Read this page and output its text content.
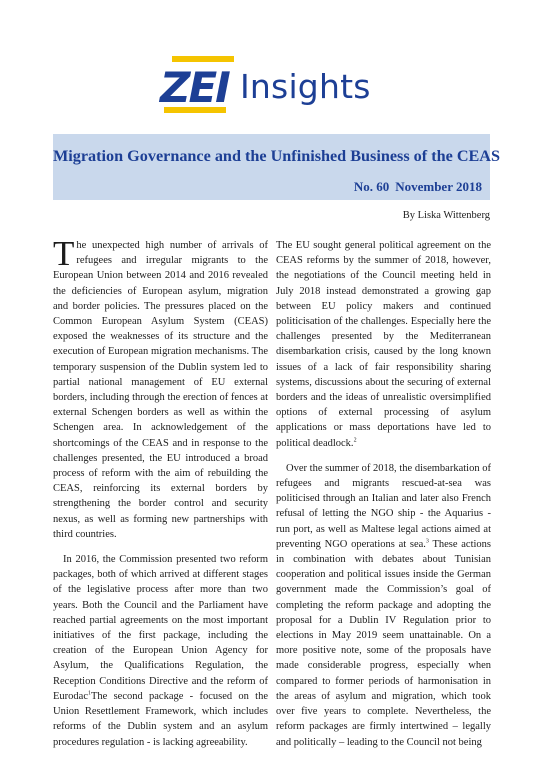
ZEI Insights
Migration Governance and the Unfinished Business of the CEAS
No. 60 November 2018
By Liska Wittenberg

The unexpected high number of arrivals of refugees and irregular migrants to the European Union between 2014 and 2016 revealed the deficiencies of European asylum, migration and border policies. The pressures placed on the Common European Asylum System (CEAS) exposed the weaknesses of its structure and the execution of European migration mechanisms. The temporary suspension of the Dublin system led to partial national management of EU external borders, including through the erection of fences at external Schengen borders as well as within the Schengen area. In acknowledgement of the shortcomings of the CEAS and in response to the challenges presented, the EU introduced a broad process of reform with the aim of rebuilding the CEAS, reinforcing its external borders by strengthening the border control and security nexus, as well as forming new partnerships with third countries.

In 2016, the Commission presented two reform packages, both of which arrived at different stages of the legislative process after more than two years. Both the Council and the Parliament have reached partial agreements on the most important initiatives of the first package, including the creation of the European Union Agency for Asylum, the Qualifications Regulation, the Reception Conditions Directive and the reform of Eurodac$^1$The second package - focused on the Union Resettlement Framework, which includes reforms of the Dublin system and an asylum procedures regulation - is lacking agreeability.

The EU sought general political agreement on the CEAS reforms by the summer of 2018, however, the negotiations of the Council meeting held in July 2018 instead demonstrated a growing gap between EU policy makers and continued politicisation of the challenges. Especially here the challenges presented by the Mediterranean disembarkation crisis, caused by the long known issues of a lack of fair responsibility sharing systems, discussions about the securing of external borders and the ideas of unrealistic oversimplified options of external processing of asylum applications or mass deportations have led to political deadlock.$^2$

Over the summer of 2018, the disembarkation of refugees and migrants rescued-at-sea was politicised through an Italian and later also French refusal of letting the NGO ship - the Aquarius - run port, as well as Maltese legal actions aimed at preventing NGO operations at sea.$^3$ These actions in combination with debates about Tunisian cooperation and political issues inside the German government made the Commission’s goal of completing the reform package and adopting the proposal for a Dublin IV Regulation prior to elections in May 2019 seem unattainable. On a more positive note, some of the proposals have made considerable progress, especially when compared to former periods of harmonisation in the areas of asylum and migration, which took over five years to complete. Nevertheless, the reform packages are firmly intertwined – legally and politically – leading to the Council not being
